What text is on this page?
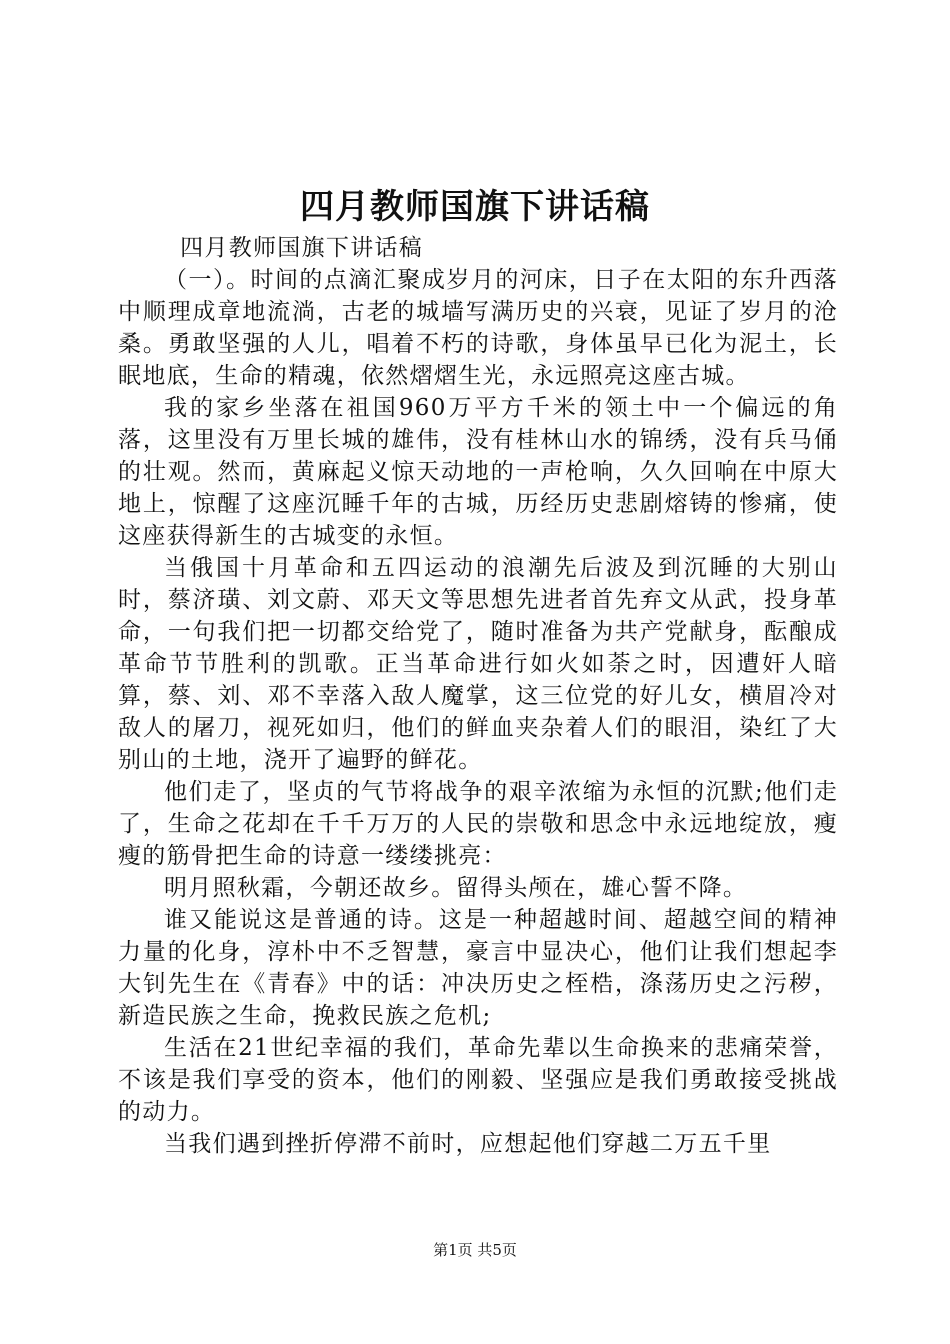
四月教师国旗下讲话稿

四月教师国旗下讲话稿

（一）。时间的点滴汇聚成岁月的河床，日子在太阳的东升西落中顺理成章地流淌，古老的城墙写满历史的兴衰，见证了岁月的沧桑。勇敢坚强的人儿，唱着不朽的诗歌，身体虽早已化为泥土，长眠地底，生命的精魂，依然熠熠生光，永远照亮这座古城。

我的家乡坐落在祖国960万平方千米的领土中一个偏远的角落，这里没有万里长城的雄伟，没有桂林山水的锦绣，没有兵马俑的壮观。然而，黄麻起义惊天动地的一声枪响，久久回响在中原大地上，惊醒了这座沉睡千年的古城，历经历史悲剧熔铸的惨痛，使这座获得新生的古城变的永恒。

当俄国十月革命和五四运动的浪潮先后波及到沉睡的大别山时，蔡济璜、刘文蔚、邓天文等思想先进者首先弃文从武，投身革命，一句我们把一切都交给党了，随时准备为共产党献身，酝酿成革命节节胜利的凯歌。正当革命进行如火如荼之时，因遭奸人暗算，蔡、刘、邓不幸落入敌人魔掌，这三位党的好儿女，横眉冷对敌人的屠刀，视死如归，他们的鲜血夹杂着人们的眼泪，染红了大别山的土地，浇开了遍野的鲜花。

他们走了，坚贞的气节将战争的艰辛浓缩为永恒的沉默;他们走了，生命之花却在千千万万的人民的崇敬和思念中永远地绽放，瘦瘦的筋骨把生命的诗意一缕缕挑亮：

明月照秋霜，今朝还故乡。留得头颅在，雄心誓不降。

谁又能说这是普通的诗。这是一种超越时间、超越空间的精神力量的化身，淳朴中不乏智慧，豪言中显决心，他们让我们想起李大钊先生在《青春》中的话：冲决历史之桎梏，涤荡历史之污秽，新造民族之生命，挽救民族之危机;

生活在21世纪幸福的我们，革命先辈以生命换来的悲痛荣誉，不该是我们享受的资本，他们的刚毅、坚强应是我们勇敢接受挑战的动力。

当我们遇到挫折停滞不前时，应想起他们穿越二万五千里

第1页 共5页
